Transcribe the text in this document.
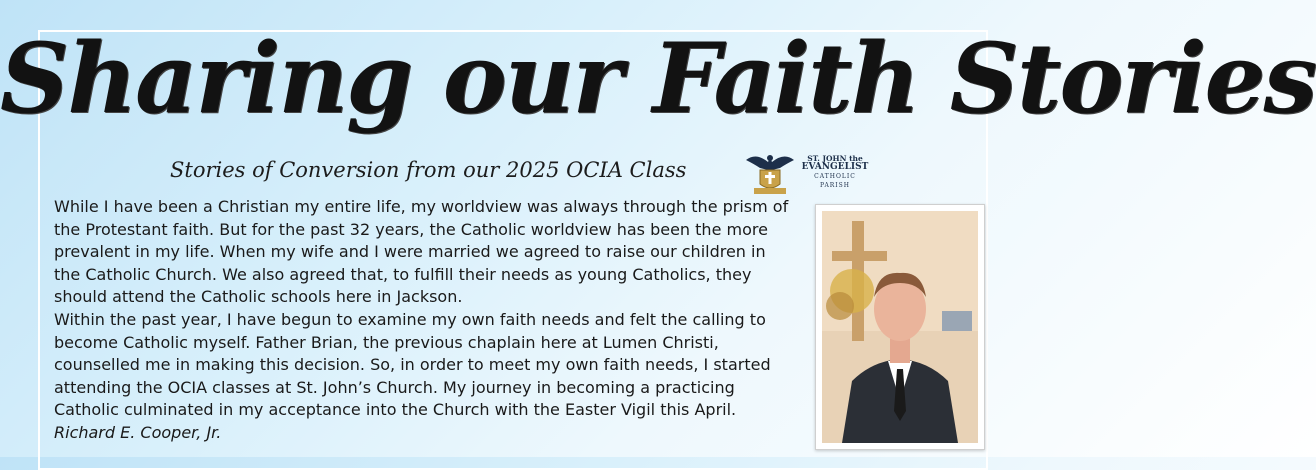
Sharing our Faith Stories
Stories of Conversion from our 2025 OCIA Class	ST. JOHN the
EVANGELIST
CATHOLIC
PARISH

While I have been a Christian my entire life, my worldview was always through the prism of the Protestant faith. But for the past 32 years, the Catholic worldview has been the more prevalent in my life. When my wife and I were married we agreed to raise our children in the Catholic Church. We also agreed that, to fulfill their needs as young Catholics, they should attend the Catholic schools here in Jackson.

Within the past year, I have begun to examine my own faith needs and felt the calling to become Catholic myself. Father Brian, the previous chaplain here at Lumen Christi, counselled me in making this decision. So, in order to meet my own faith needs, I started attending the OCIA classes at St. John’s Church. My journey in becoming a practicing Catholic culminated in my acceptance into the Church with the Easter Vigil this April.

Richard E. Cooper, Jr.
